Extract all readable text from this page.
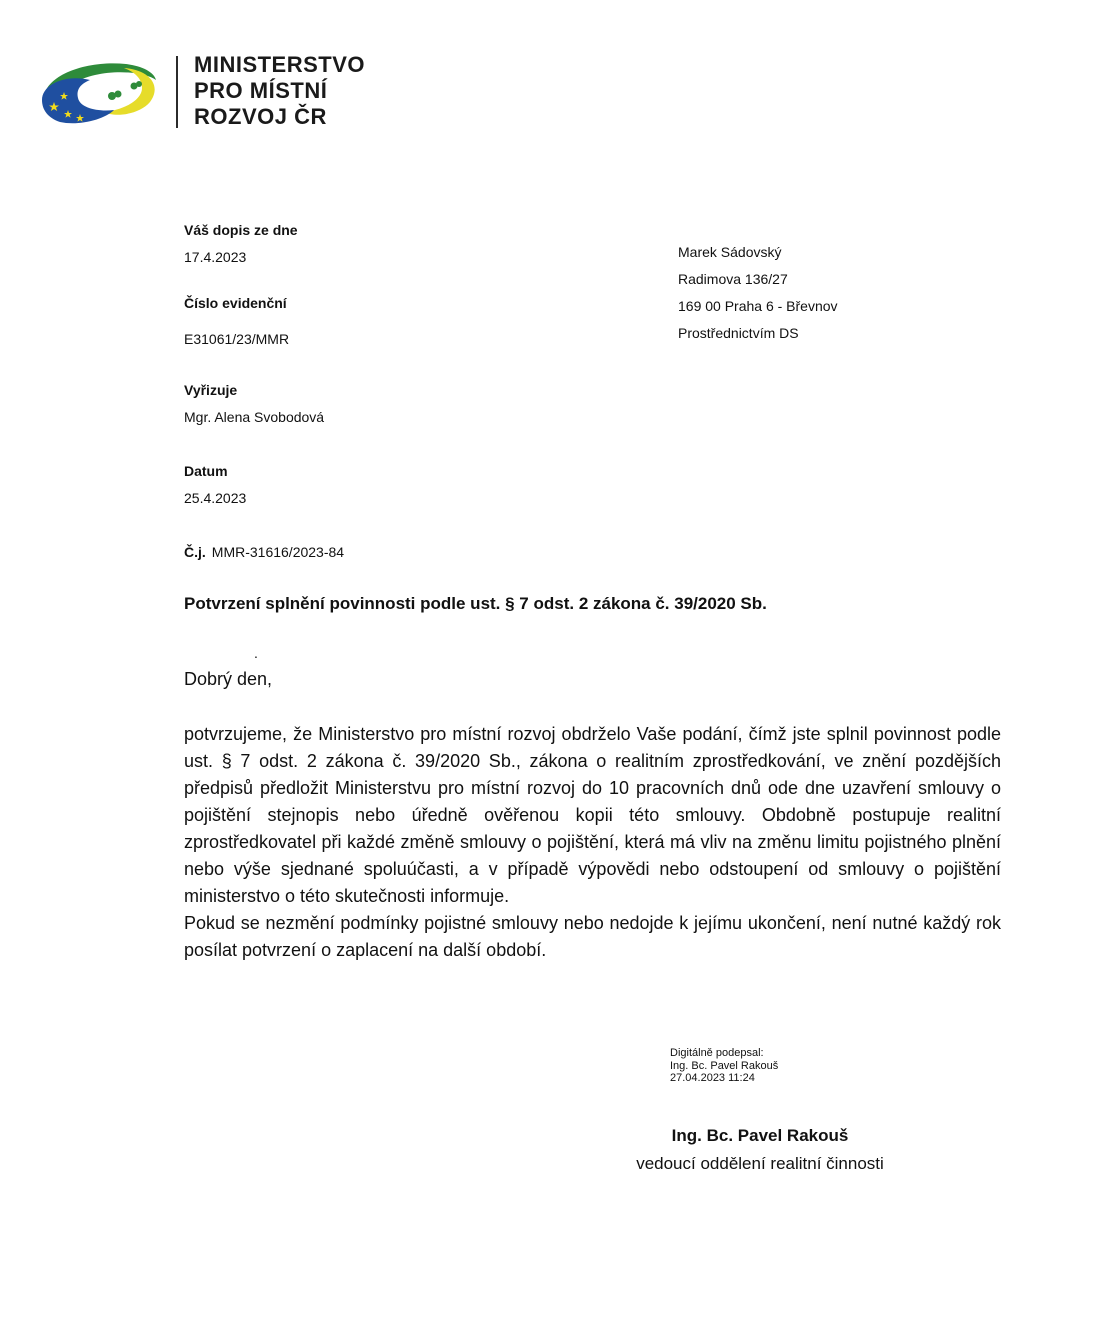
MINISTERSTVO
PRO MÍSTNÍ
ROZVOJ ČR
Váš dopis ze dne
17.4.2023
Číslo evidenční
E31061/23/MMR
Vyřizuje
Mgr. Alena Svobodová
Datum
25.4.2023
Č.j. MMR-31616/2023-84
Marek Sádovský
Radimova 136/27
169 00 Praha 6 - Břevnov
Prostřednictvím DS
Potvrzení splnění povinnosti podle ust. § 7 odst. 2 zákona č. 39/2020 Sb.
.
Dobrý den,

potvrzujeme, že Ministerstvo pro místní rozvoj obdrželo Vaše podání, čímž jste splnil povinnost podle ust. § 7 odst. 2 zákona č. 39/2020 Sb., zákona o realitním zprostředkování, ve znění pozdějších předpisů předložit Ministerstvu pro místní rozvoj do 10 pracovních dnů ode dne uzavření smlouvy o pojištění stejnopis nebo úředně ověřenou kopii této smlouvy. Obdobně postupuje realitní zprostředkovatel při každé změně smlouvy o pojištění, která má vliv na změnu limitu pojistného plnění nebo výše sjednané spoluúčasti, a v případě výpovědi nebo odstoupení od smlouvy o pojištění ministerstvo o této skutečnosti informuje.

Pokud se nezmění podmínky pojistné smlouvy nebo nedojde k jejímu ukončení, není nutné každý rok posílat potvrzení o zaplacení na další období.

Digitálně podepsal:
Ing. Bc. Pavel Rakouš
27.04.2023 11:24
Ing. Bc. Pavel Rakouš
vedoucí oddělení realitní činnosti
